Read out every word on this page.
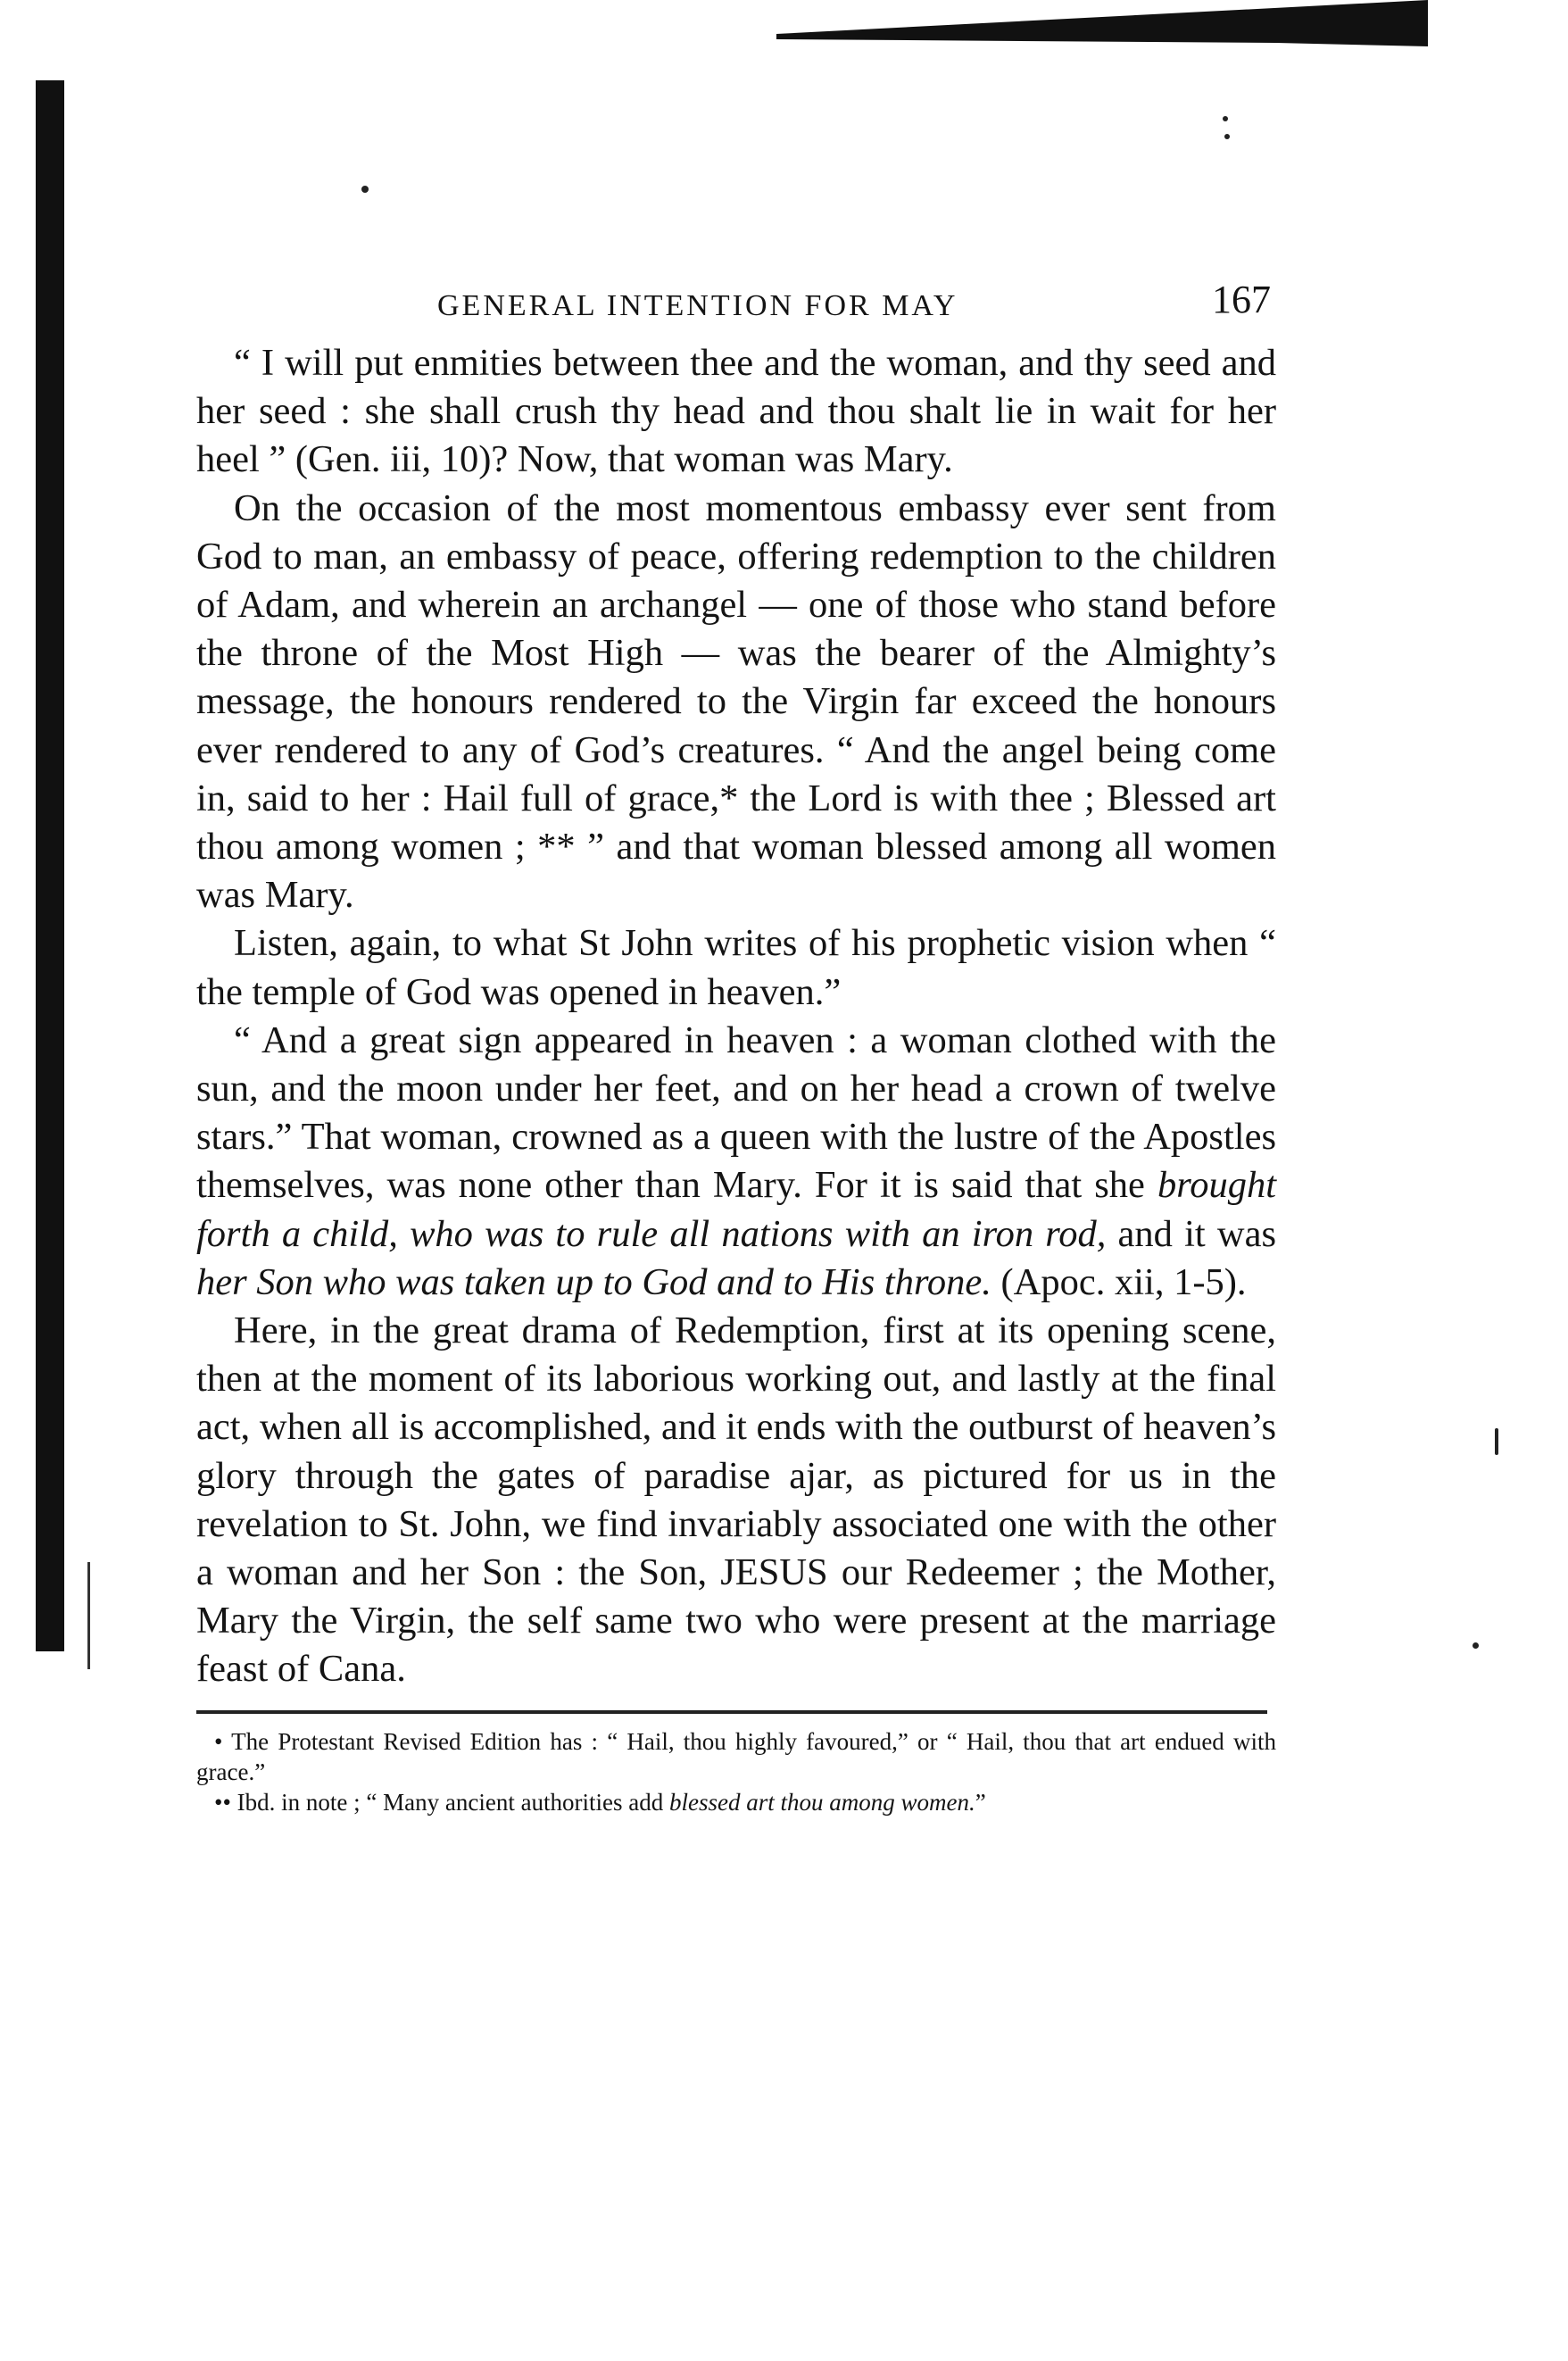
GENERAL INTENTION FOR MAY	167

“ I will put enmities between thee and the woman, and thy seed and her seed : she shall crush thy head and thou shalt lie in wait for her heel ” (Gen. iii, 10)? Now, that woman was Mary.

On the occasion of the most momentous embassy ever sent from God to man, an embassy of peace, offering redemption to the children of Adam, and wherein an archangel — one of those who stand before the throne of the Most High — was the bearer of the Almighty’s message, the honours rendered to the Virgin far exceed the honours ever rendered to any of God’s creatures. “ And the angel being come in, said to her : Hail full of grace,* the Lord is with thee ; Blessed art thou among women ; ** ” and that woman blessed among all women was Mary.

Listen, again, to what St John writes of his prophetic vision when “ the temple of God was opened in heaven.”

“ And a great sign appeared in heaven : a woman clothed with the sun, and the moon under her feet, and on her head a crown of twelve stars.” That woman, crowned as a queen with the lustre of the Apostles themselves, was none other than Mary. For it is said that she brought forth a child, who was to rule all nations with an iron rod, and it was her Son who was taken up to God and to His throne. (Apoc. xii, 1-5).

Here, in the great drama of Redemption, first at its opening scene, then at the moment of its laborious working out, and lastly at the final act, when all is accomplished, and it ends with the outburst of heaven’s glory through the gates of paradise ajar, as pictured for us in the revelation to St. John, we find invariably associated one with the other a woman and her Son : the Son, JESUS our Redeemer ; the Mother, Mary the Virgin, the self same two who were present at the marriage feast of Cana.

• The Protestant Revised Edition has : “ Hail, thou highly favoured,” or “ Hail, thou that art endued with grace.”

•• Ibd. in note ; “ Many ancient authorities add blessed art thou among women.”
